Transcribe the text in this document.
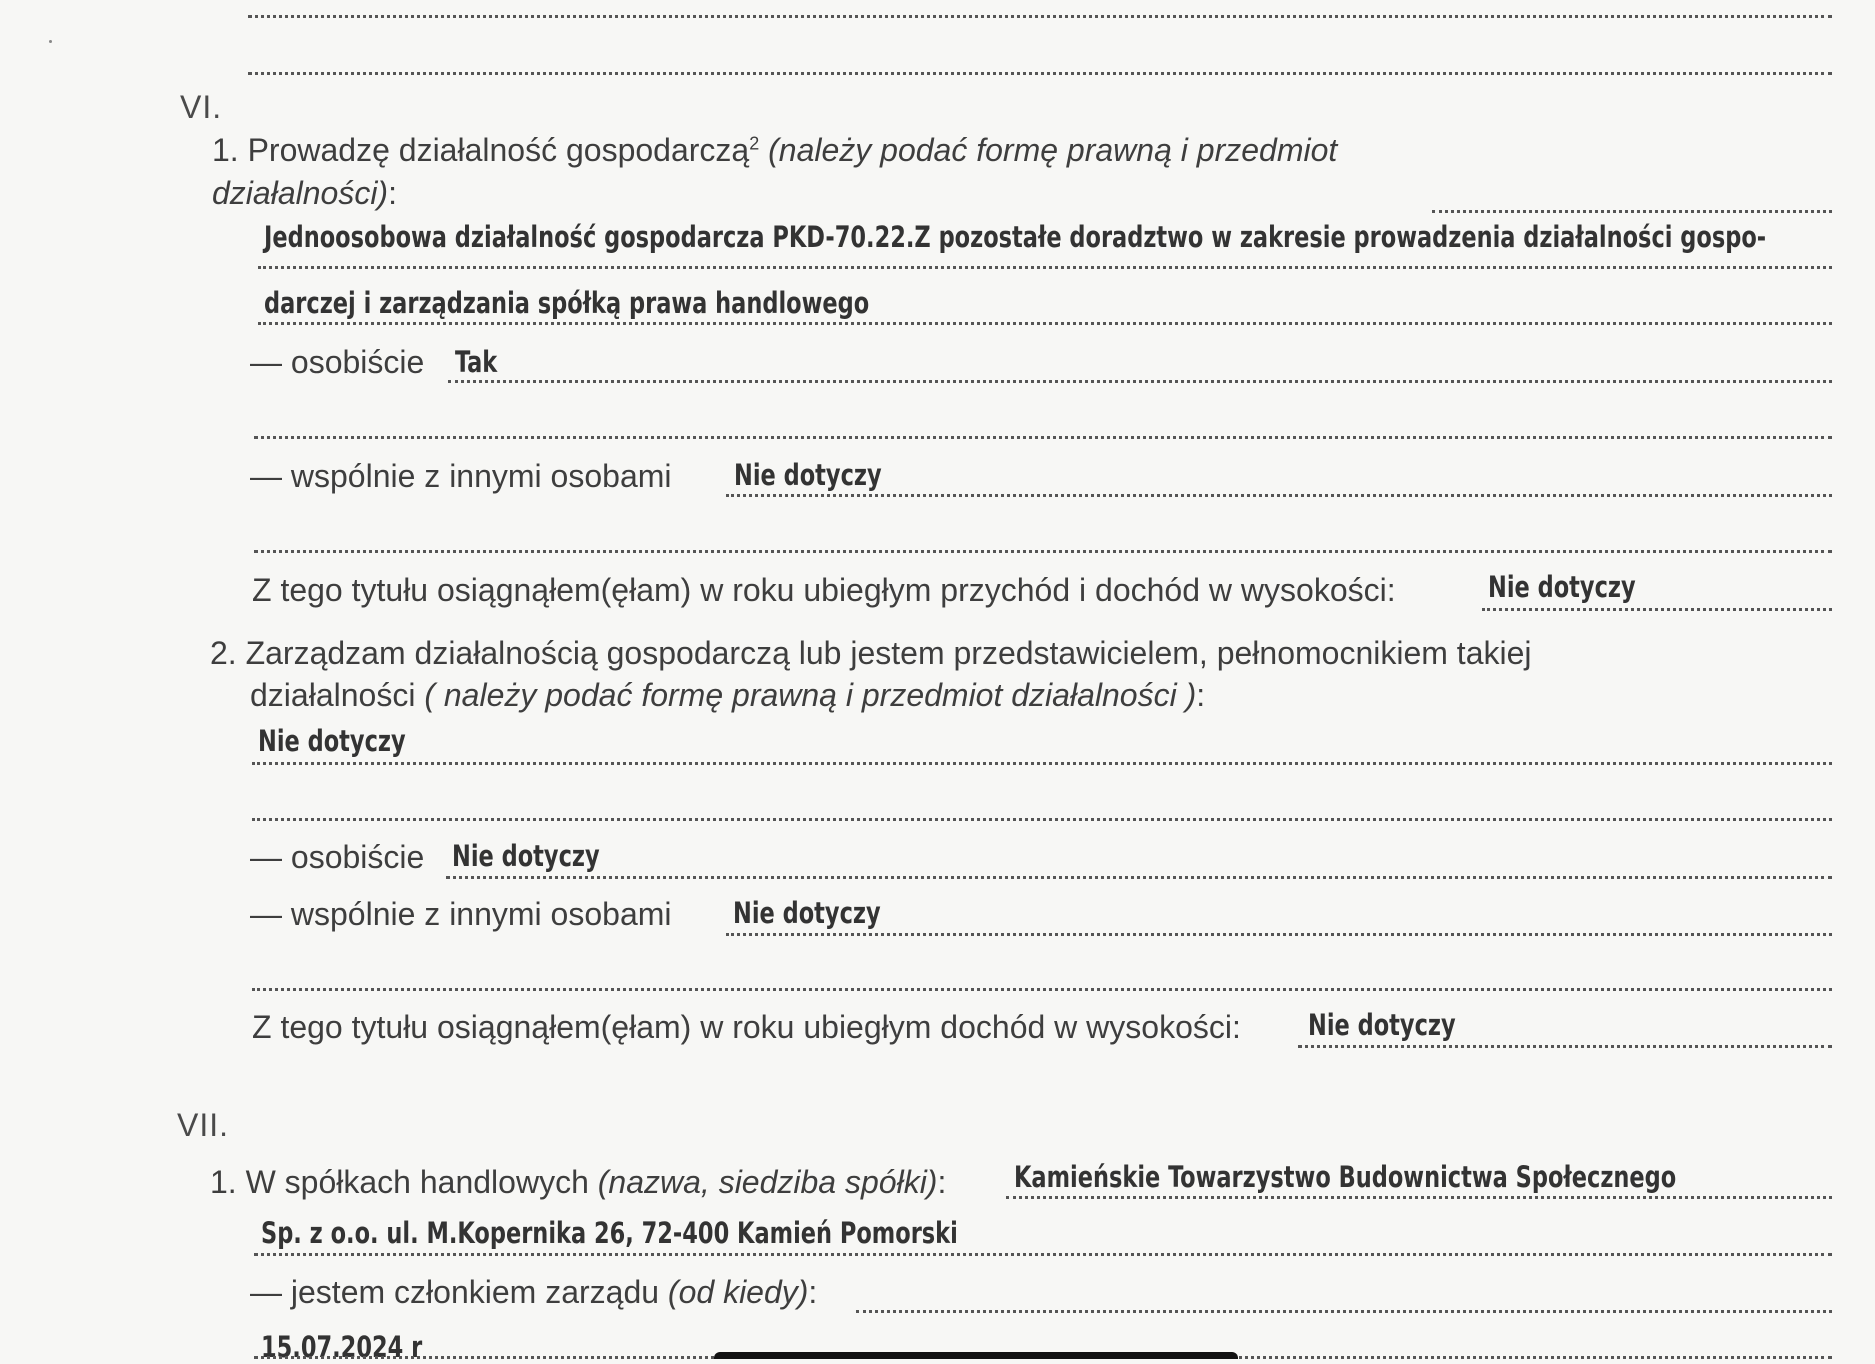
VI.
1. Prowadzę działalność gospodarczą$^2$ (należy podać formę prawną i przedmiot
działalności):
Jednoosobowa działalność gospodarcza PKD-70.22.Z pozostałe doradztwo w zakresie prowadzenia działalności gospo-
darczej i zarządzania spółką prawa handlowego
— osobiście Tak
— wspólnie z innymi osobami Nie dotyczy
Z tego tytułu osiągnąłem(ęłam) w roku ubiegłym przychód i dochód w wysokości:	Nie dotyczy
2. Zarządzam działalnością gospodarczą lub jestem przedstawicielem, pełnomocnikiem takiej
działalności ( należy podać formę prawną i przedmiot działalności ):
Nie dotyczy
— osobiście Nie dotyczy
— wspólnie z innymi osobami Nie dotyczy
Z tego tytułu osiągnąłem(ęłam) w roku ubiegłym dochód w wysokości: Nie dotyczy
VII.
1. W spółkach handlowych (nazwa, siedziba spółki): Kamieńskie Towarzystwo Budownictwa Społecznego
Sp. z o.o. ul. M.Kopernika 26, 72-400 Kamień Pomorski
— jestem członkiem zarządu (od kiedy):
15.07.2024 r
